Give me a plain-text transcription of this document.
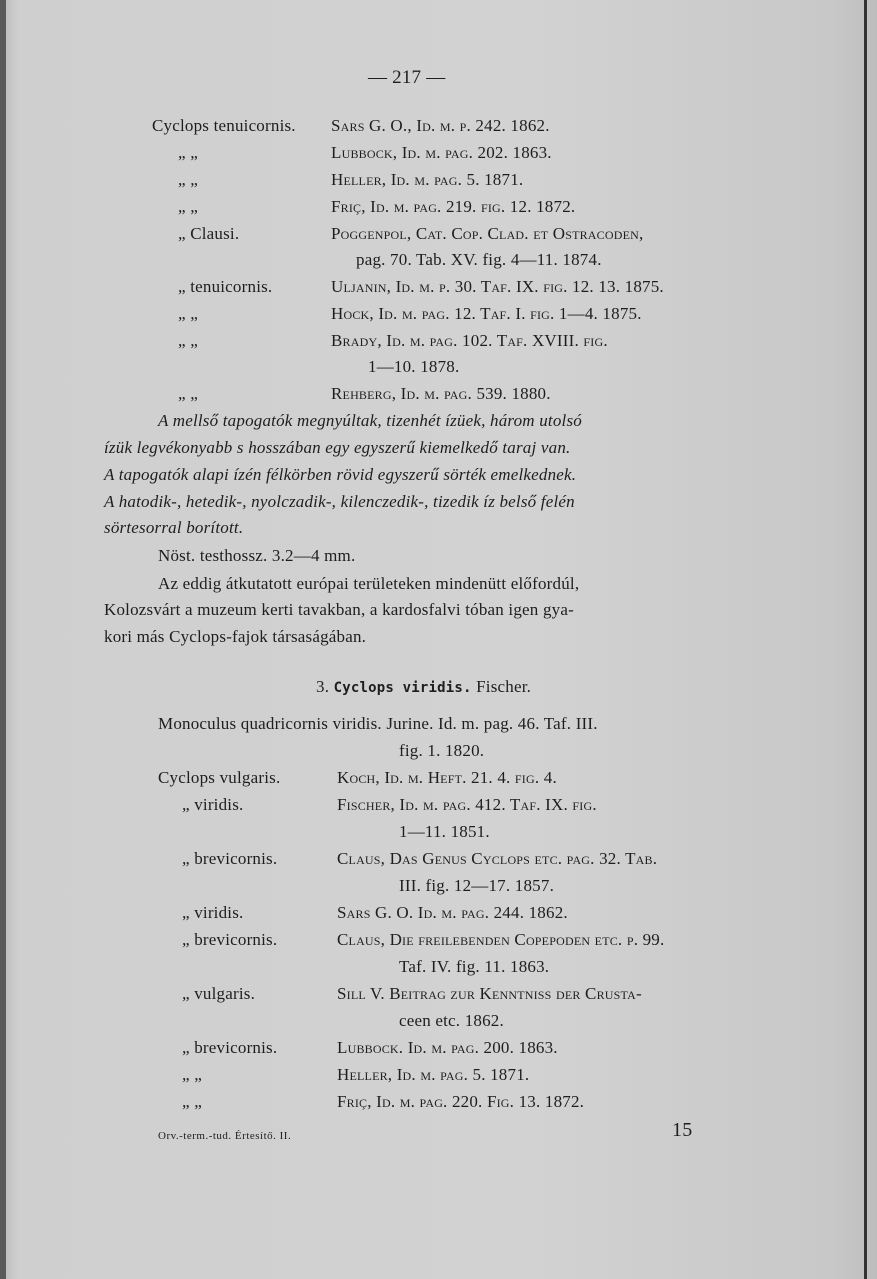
— 217 —
Cyclops tenuicornis. Sars G. O., Id. m. p. 242. 1862.
„ „	Lubbock, Id. m. pag. 202. 1863.
„ „	Heller, Id. m. pag. 5. 1871.
„ „	Friç, Id. m. pag. 219. fig. 12. 1872.
„ Clausi.	Poggenpol, Cat. Cop. Clad. et Ostracoden,
pag. 70. Tab. XV. fig. 4—11. 1874.
„ tenuicornis.	Uljanin, Id. m. p. 30. Taf. IX. fig. 12. 13. 1875.
„ „	Hock, Id. m. pag. 12. Taf. I. fig. 1—4. 1875.
„ „	Brady, Id. m. pag. 102. Taf. XVIII. fig.
1—10. 1878.
„ „	Rehberg, Id. m. pag. 539. 1880.
A mellső tapogatók megnyúltak, tizenhét ízüek, három utolsó
ízük legvékonyabb s hosszában egy egyszerű kiemelkedő taraj van.
A tapogatók alapi ízén félkörben rövid egyszerű sörték emelkednek.
A hatodik-, hetedik-, nyolczadik-, kilenczedik-, tizedik íz belső felén
sörtesorral borított.
Nöst. testhossz. 3.2—4 mm.
Az eddig átkutatott európai területeken mindenütt előfordúl,
Kolozsvárt a muzeum kerti tavakban, a kardosfalvi tóban igen gya-
kori más Cyclops-fajok társaságában.
3. Cyclops viridis. Fischer.
Monoculus quadricornis viridis. Jurine. Id. m. pag. 46. Taf. III.
fig. 1. 1820.
Cyclops vulgaris.	Koch, Id. m. Heft. 21. 4. fig. 4.
„ viridis.	Fischer, Id. m. pag. 412. Taf. IX. fig.
1—11. 1851.
„ brevicornis.	Claus, Das Genus Cyclops etc. pag. 32. Tab.
III. fig. 12—17. 1857.
„ viridis.	Sars G. O. Id. m. pag. 244. 1862.
„ brevicornis.	Claus, Die freilebenden Copepoden etc. p. 99.
Taf. IV. fig. 11. 1863.
„ vulgaris.	Sill V. Beitrag zur Kenntniss der Crusta-
ceen etc. 1862.
„ brevicornis.	Lubbock. Id. m. pag. 200. 1863.
„ „	Heller, Id. m. pag. 5. 1871.
„ „	Friç, Id. m. pag. 220. Fig. 13. 1872.
Orv.-term.-tud. Értesítő. II.	15
